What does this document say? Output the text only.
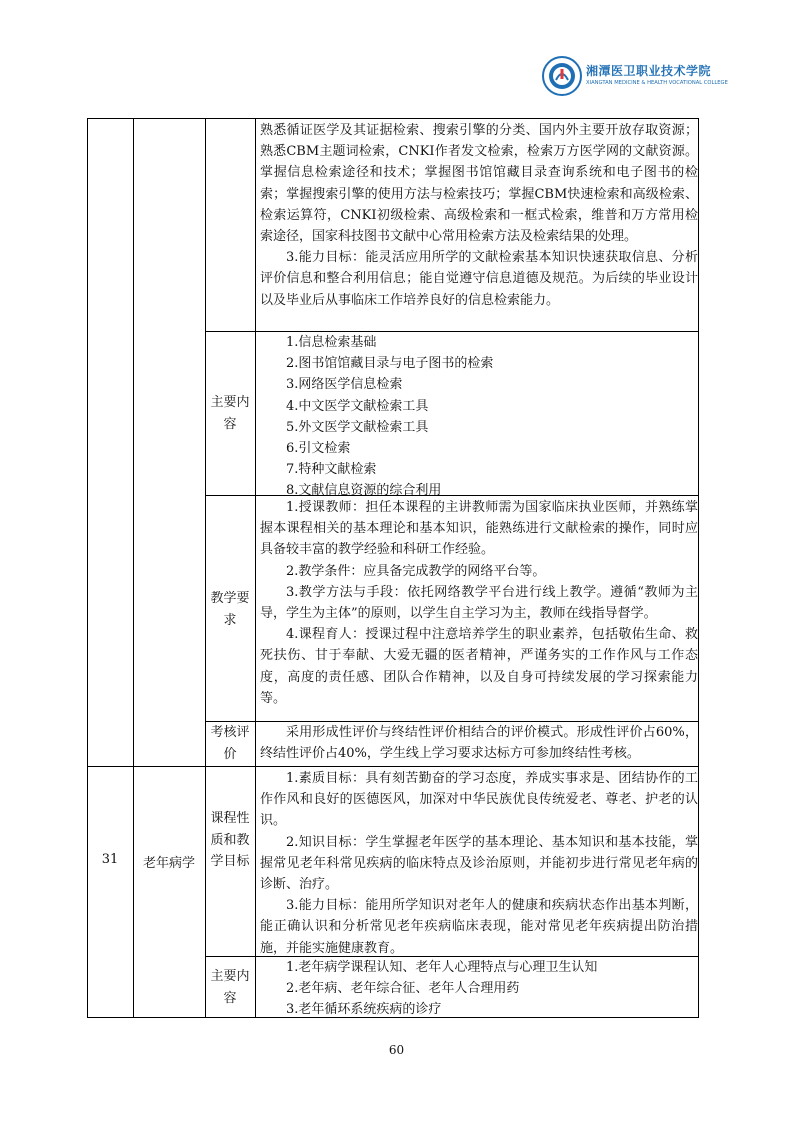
湘潭医卫职业技术学院
XIANGTAN MEDICINE & HEALTH VOCATIONAL COLLEGE

熟悉循证医学及其证据检索、搜索引擎的分类、国内外主要开放存取资源；熟悉CBM主题词检索，CNKI作者发文检索，检索万方医学网的文献资源。掌握信息检索途径和技术；掌握图书馆馆藏目录查询系统和电子图书的检索；掌握搜索引擎的使用方法与检索技巧；掌握CBM快速检索和高级检索、检索运算符，CNKI初级检索、高级检索和一框式检索，维普和万方常用检索途径，国家科技图书文献中心常用检索方法及检索结果的处理。

3.能力目标：能灵活应用所学的文献检索基本知识快速获取信息、分析评价信息和整合利用信息；能自觉遵守信息道德及规范。为后续的毕业设计以及毕业后从事临床工作培养良好的信息检索能力。

主要内容
1.信息检索基础
2.图书馆馆藏目录与电子图书的检索
3.网络医学信息检索
4.中文医学文献检索工具
5.外文医学文献检索工具
6.引文检索
7.特种文献检索
8.文献信息资源的综合利用
教学要求

1.授课教师：担任本课程的主讲教师需为国家临床执业医师，并熟练掌握本课程相关的基本理论和基本知识，能熟练进行文献检索的操作，同时应具备较丰富的教学经验和科研工作经验。

2.教学条件：应具备完成教学的网络平台等。

3.教学方法与手段：依托网络教学平台进行线上教学。遵循“教师为主导，学生为主体”的原则，以学生自主学习为主，教师在线指导督学。

4.课程育人：授课过程中注意培养学生的职业素养，包括敬佑生命、救死扶伤、甘于奉献、大爱无疆的医者精神，严谨务实的工作作风与工作态度，高度的责任感、团队合作精神，以及自身可持续发展的学习探索能力等。

考核评价

采用形成性评价与终结性评价相结合的评价模式。形成性评价占60%，终结性评价占40%，学生线上学习要求达标方可参加终结性考核。

31	老年病学
课程性质和教学目标

1.素质目标：具有刻苦勤奋的学习态度，养成实事求是、团结协作的工作作风和良好的医德医风，加深对中华民族优良传统爱老、尊老、护老的认识。

2.知识目标：学生掌握老年医学的基本理论、基本知识和基本技能，掌握常见老年科常见疾病的临床特点及诊治原则，并能初步进行常见老年病的诊断、治疗。

3.能力目标：能用所学知识对老年人的健康和疾病状态作出基本判断，能正确认识和分析常见老年疾病临床表现，能对常见老年疾病提出防治措施，并能实施健康教育。

主要内容
1.老年病学课程认知、老年人心理特点与心理卫生认知
2.老年病、老年综合征、老年人合理用药
3.老年循环系统疾病的诊疗
60
